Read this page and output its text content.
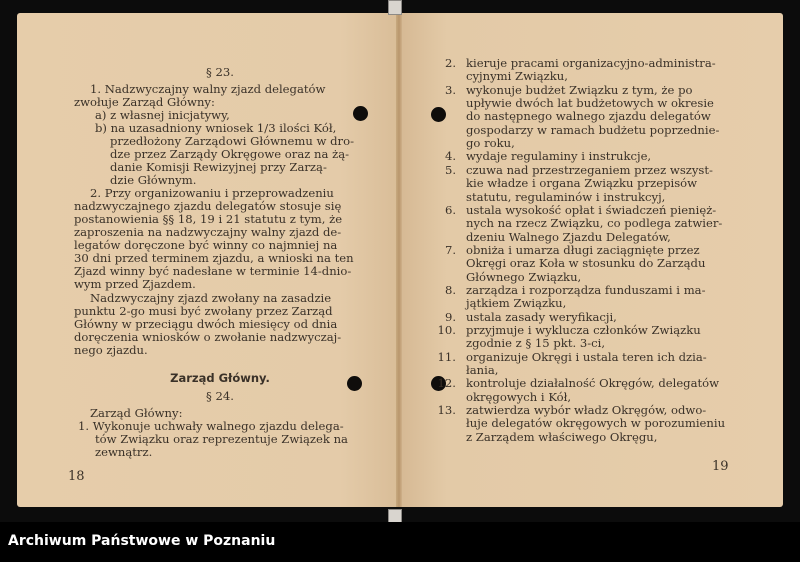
§ 23.
1. Nadzwyczajny walny zjazd delegatów
zwołuje Zarząd Główny:
a) z własnej inicjatywy,
b) na uzasadniony wniosek 1/3 ilości Kół,
przedłożony Zarządowi Głównemu w dro-
dze przez Zarządy Okręgowe oraz na żą-
danie Komisji Rewizyjnej przy Zarzą-
dzie Głównym.
2. Przy organizowaniu i przeprowadzeniu
nadzwyczajnego zjazdu delegatów stosuje się
postanowienia §§ 18, 19 i 21 statutu z tym, że
zaproszenia na nadzwyczajny walny zjazd de-
legatów doręczone być winny co najmniej na
30 dni przed terminem zjazdu, a wnioski na ten
Zjazd winny być nadesłane w terminie 14-dnio-
wym przed Zjazdem.
Nadzwyczajny zjazd zwołany na zasadzie
punktu 2-go musi być zwołany przez Zarząd
Główny w przeciągu dwóch miesięcy od dnia
doręczenia wniosków o zwołanie nadzwyczaj-
nego zjazdu.
Zarząd Główny.
§ 24.
Zarząd Główny:
1. Wykonuje uchwały walnego zjazdu delega-
tów Związku oraz reprezentuje Związek na
zewnątrz.
18
2. kieruje pracami organizacyjno-administra-
cyjnymi Związku,
3. wykonuje budżet Związku z tym, że po
upływie dwóch lat budżetowych w okresie
do następnego walnego zjazdu delegatów
gospodarzy w ramach budżetu poprzednie-
go roku,
4. wydaje regulaminy i instrukcje,
5. czuwa nad przestrzeganiem przez wszyst-
kie władze i organa Związku przepisów
statutu, regulaminów i instrukcyj,
6. ustala wysokość opłat i świadczeń pienięż-
nych na rzecz Związku, co podlega zatwier-
dzeniu Walnego Zjazdu Delegatów,
7. obniża i umarza długi zaciągnięte przez
Okręgi oraz Koła w stosunku do Zarządu
Głównego Związku,
8. zarządza i rozporządza funduszami i ma-
jątkiem Związku,
9. ustala zasady weryfikacji,
10. przyjmuje i wyklucza członków Związku
zgodnie z § 15 pkt. 3-ci,
11. organizuje Okręgi i ustala teren ich dzia-
łania,
12. kontroluje działalność Okręgów, delegatów
okręgowych i Kół,
13. zatwierdza wybór władz Okręgów, odwo-
łuje delegatów okręgowych w porozumieniu
z Zarządem właściwego Okręgu,
19
Archiwum Państwowe w Poznaniu
